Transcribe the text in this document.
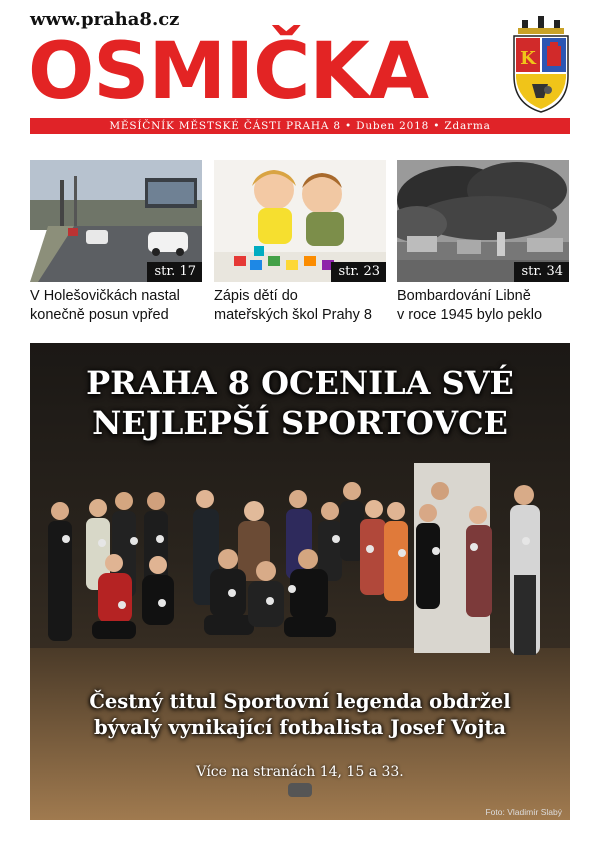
www.praha8.cz
OSMIČKA	K
MĚSÍČNÍK MĚSTSKÉ ČÁSTI PRAHA 8 • Duben 2018 • Zdarma
str. 17
V Holešovičkách nastal
konečně posun vpřed
str. 23
Zápis dětí do
mateřských škol Prahy 8
str. 34
Bombardování Libně
v roce 1945 bylo peklo
PRAHA 8 OCENILA SVÉ
NEJLEPŠÍ SPORTOVCE
Čestný titul Sportovní legenda obdržel
bývalý vynikající fotbalista Josef Vojta
Více na stranách 14, 15 a 33.
Foto: Vladimír Slabý
